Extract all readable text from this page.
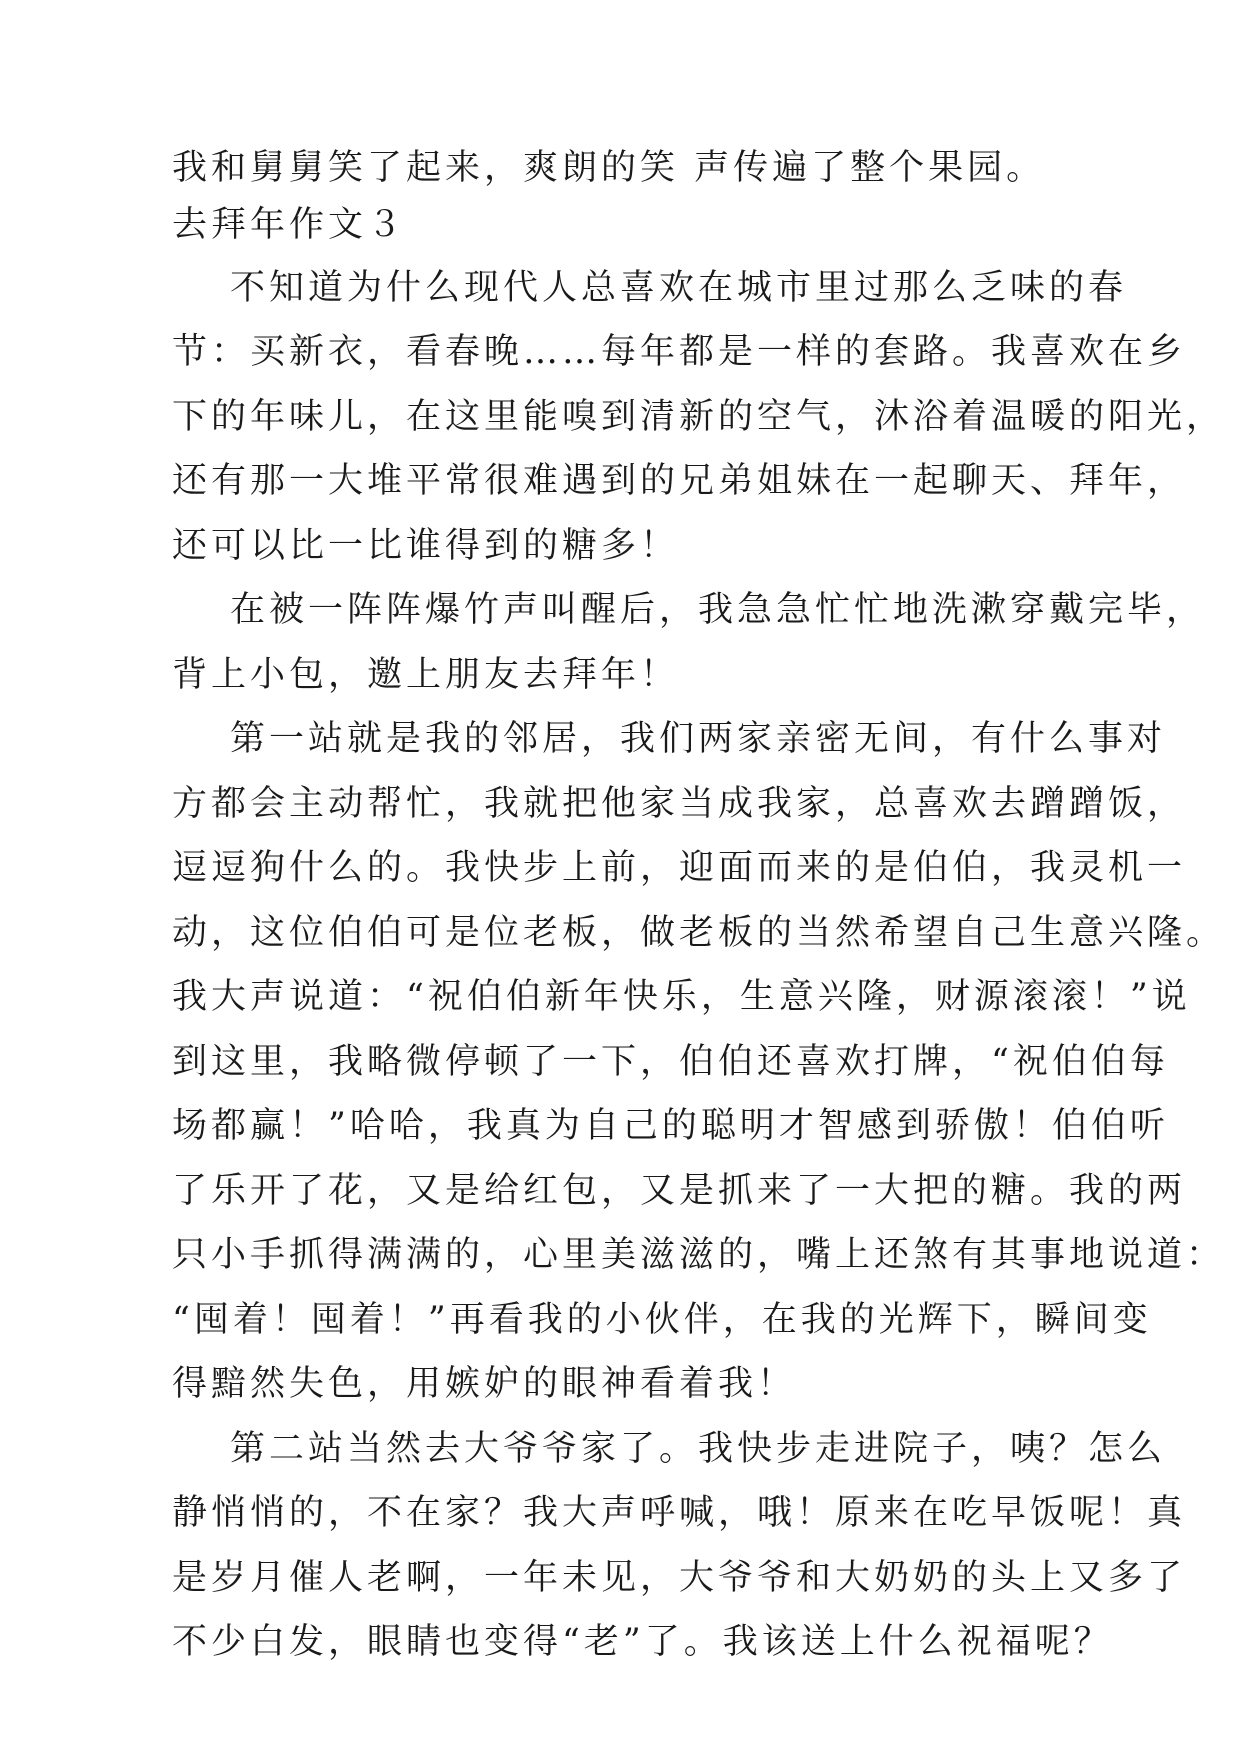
我和舅舅笑了起来，爽朗的笑 声传遍了整个果园。
去拜年作文３
不知道为什么现代人总喜欢在城市里过那么乏味的春
节：买新衣，看春晚……每年都是一样的套路。我喜欢在乡
下的年味儿，在这里能嗅到清新的空气，沐浴着温暖的阳光，
还有那一大堆平常很难遇到的兄弟姐妹在一起聊天、拜年，
还可以比一比谁得到的糖多！
在被一阵阵爆竹声叫醒后，我急急忙忙地洗漱穿戴完毕，
背上小包，邀上朋友去拜年！
第一站就是我的邻居，我们两家亲密无间，有什么事对
方都会主动帮忙，我就把他家当成我家，总喜欢去蹭蹭饭，
逗逗狗什么的。我快步上前，迎面而来的是伯伯，我灵机一
动，这位伯伯可是位老板，做老板的当然希望自己生意兴隆。
我大声说道：“祝伯伯新年快乐，生意兴隆，财源滚滚！”说
到这里，我略微停顿了一下，伯伯还喜欢打牌，“祝伯伯每
场都赢！”哈哈，我真为自己的聪明才智感到骄傲！伯伯听
了乐开了花，又是给红包，又是抓来了一大把的糖。我的两
只小手抓得满满的，心里美滋滋的，嘴上还煞有其事地说道：
“囤着！囤着！”再看我的小伙伴，在我的光辉下，瞬间变
得黯然失色，用嫉妒的眼神看着我！
第二站当然去大爷爷家了。我快步走进院子，咦？怎么
静悄悄的，不在家？我大声呼喊，哦！原来在吃早饭呢！真
是岁月催人老啊，一年未见，大爷爷和大奶奶的头上又多了
不少白发，眼睛也变得“老”了。我该送上什么祝福呢？
